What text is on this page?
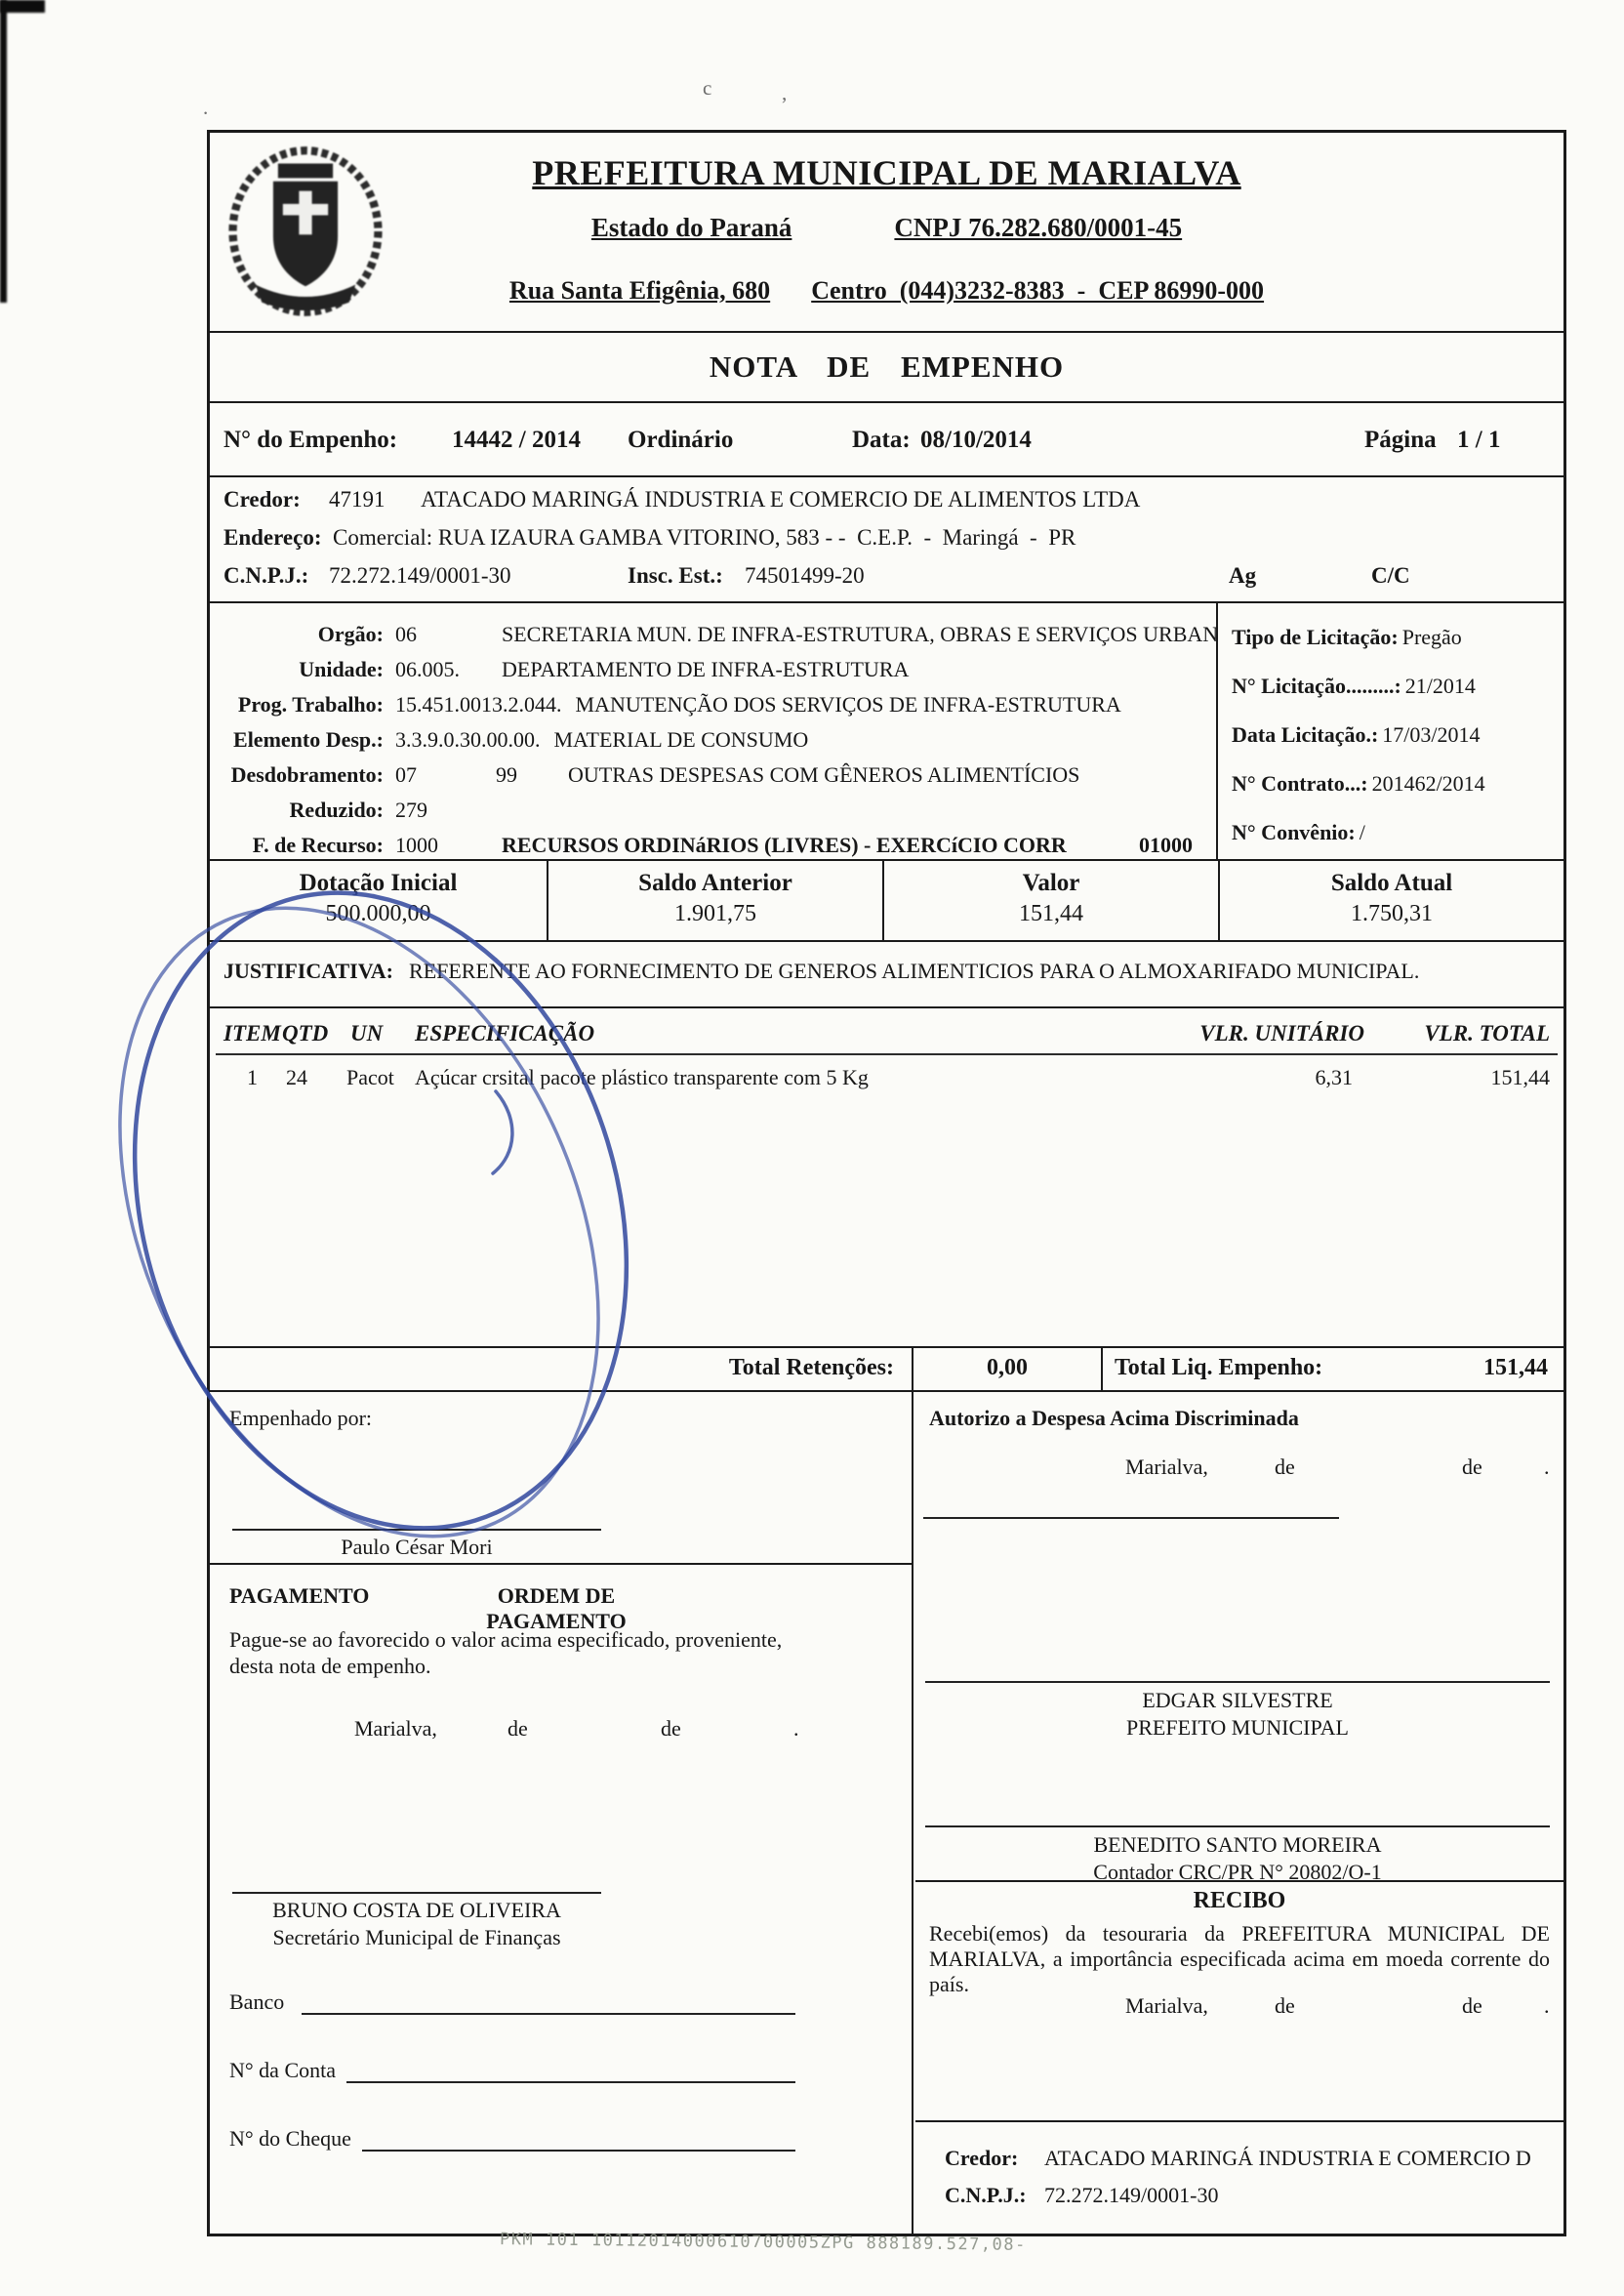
c
’
.
PREFEITURA MUNICIPAL DE MARIALVA
Estado do Paraná	CNPJ 76.282.680/0001-45
Rua Santa Efigênia, 680 Centro  (044)3232-8383  -  CEP 86990-000
NOTA DE EMPENHO
N° do Empenho: 14442 / 2014 Ordinário	Data: 08/10/2014	Página 1 / 1
Credor: 47191 ATACADO MARINGÁ INDUSTRIA E COMERCIO DE ALIMENTOS LTDA
Endereço: Comercial: RUA IZAURA GAMBA VITORINO, 583 - -  C.E.P.  -  Maringá  -  PR
C.N.P.J.: 72.272.149/0001-30	Insc. Est.: 74501499-20	Ag	C/C
Orgão: 06	SECRETARIA MUN. DE INFRA-ESTRUTURA, OBRAS E SERVIÇOS URBAN
Unidade: 06.005. DEPARTAMENTO DE INFRA-ESTRUTURA
Prog. Trabalho: 15.451.0013.2.044. MANUTENÇÃO DOS SERVIÇOS DE INFRA-ESTRUTURA
Elemento Desp.: 3.3.9.0.30.00.00. MATERIAL DE CONSUMO
Desdobramento: 07	99 OUTRAS DESPESAS COM GÊNEROS ALIMENTÍCIOS
Reduzido: 279
F. de Recurso: 1000	RECURSOS ORDINáRIOS (LIVRES) - EXERCíCIO CORR	01000
Tipo de Licitação: Pregão
N° Licitação.........: 21/2014
Data Licitação.: 17/03/2014
N° Contrato...: 201462/2014
N° Convênio: /
Dotação Inicial
500.000,00
Saldo Anterior
1.901,75
Valor
151,44
Saldo Atual
1.750,31
JUSTIFICATIVA: REFERENTE AO FORNECIMENTO DE GENEROS ALIMENTICIOS PARA O ALMOXARIFADO MUNICIPAL.
ITEM QTD UN ESPECIFICAÇÃO	VLR. UNITÁRIO	VLR. TOTAL
1 24 Pacot Açúcar crsital pacote plástico transparente com 5 Kg	6,31	151,44
Total Retenções:	0,00	Total Liq. Empenho:	151,44
Empenhado por:
Paulo César Mori
PAGAMENTO	ORDEM DE PAGAMENTO
Pague-se ao favorecido o valor acima especificado, proveniente, desta nota de empenho.
Marialva,	de	de	.
BRUNO COSTA DE OLIVEIRA
Secretário Municipal de Finanças
Banco
N° da Conta
N° do Cheque
Autorizo a Despesa Acima Discriminada
Marialva,	de	de	.
EDGAR SILVESTRE
PREFEITO MUNICIPAL
BENEDITO SANTO MOREIRA
Contador CRC/PR N° 20802/O-1
RECIBO
Recebi(emos) da tesouraria da PREFEITURA MUNICIPAL DE MARIALVA, a importância especificada acima em moeda corrente do país.
Marialva,	de	de	.
Credor: ATACADO MARINGÁ INDUSTRIA E COMERCIO D
C.N.P.J.: 72.272.149/0001-30
PKM 101 10112014000610700005ZPG 888189.527,08-
